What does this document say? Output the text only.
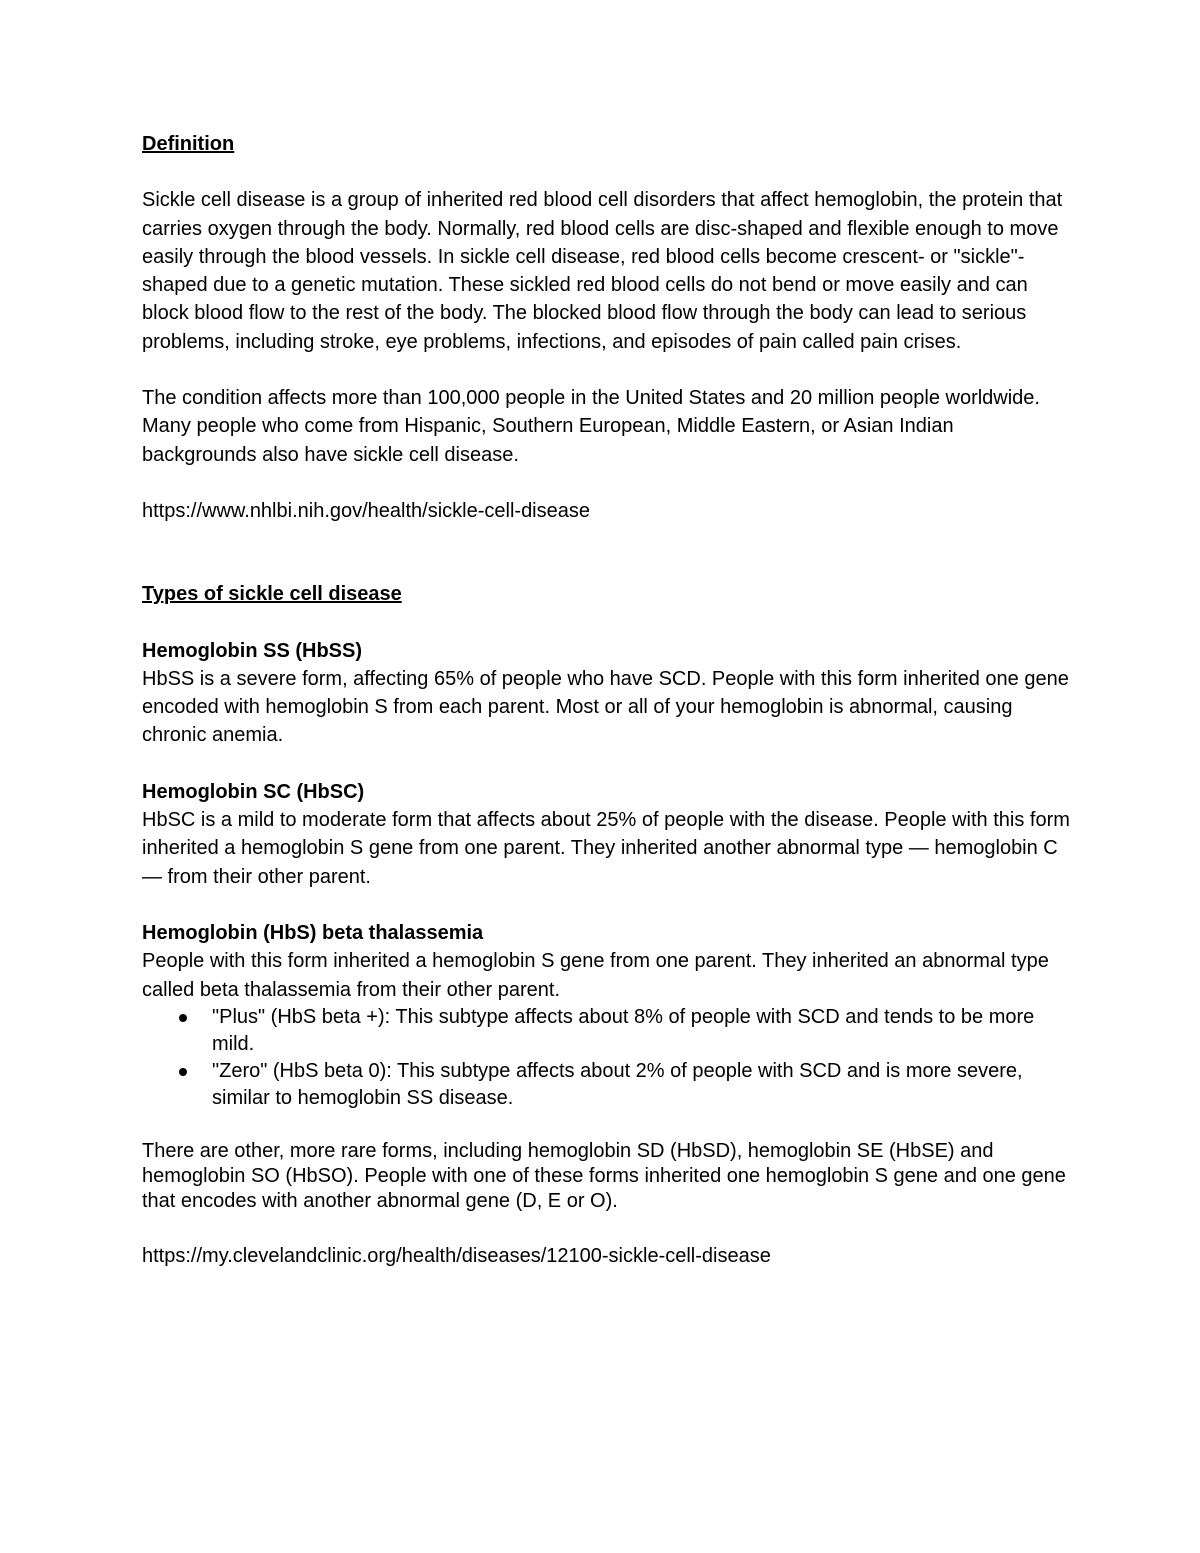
Definition

Sickle cell disease is a group of inherited red blood cell disorders that affect hemoglobin, the protein that carries oxygen through the body. Normally, red blood cells are disc-shaped and flexible enough to move easily through the blood vessels. In sickle cell disease, red blood cells become crescent- or "sickle"-shaped due to a genetic mutation. These sickled red blood cells do not bend or move easily and can block blood flow to the rest of the body. The blocked blood flow through the body can lead to serious problems, including stroke, eye problems, infections, and episodes of pain called pain crises.

The condition affects more than 100,000 people in the United States and 20 million people worldwide. Many people who come from Hispanic, Southern European, Middle Eastern, or Asian Indian backgrounds also have sickle cell disease.

https://www.nhlbi.nih.gov/health/sickle-cell-disease

Types of sickle cell disease

Hemoglobin SS (HbSS)

HbSS is a severe form, affecting 65% of people who have SCD. People with this form inherited one gene encoded with hemoglobin S from each parent. Most or all of your hemoglobin is abnormal, causing chronic anemia.

Hemoglobin SC (HbSC)

HbSC is a mild to moderate form that affects about 25% of people with the disease. People with this form inherited a hemoglobin S gene from one parent. They inherited another abnormal type — hemoglobin C — from their other parent.

Hemoglobin (HbS) beta thalassemia

People with this form inherited a hemoglobin S gene from one parent. They inherited an abnormal type called beta thalassemia from their other parent.

"Plus" (HbS beta +): This subtype affects about 8% of people with SCD and tends to be more mild.
"Zero" (HbS beta 0): This subtype affects about 2% of people with SCD and is more severe, similar to hemoglobin SS disease.

There are other, more rare forms, including hemoglobin SD (HbSD), hemoglobin SE (HbSE) and hemoglobin SO (HbSO). People with one of these forms inherited one hemoglobin S gene and one gene that encodes with another abnormal gene (D, E or O).

https://my.clevelandclinic.org/health/diseases/12100-sickle-cell-disease
